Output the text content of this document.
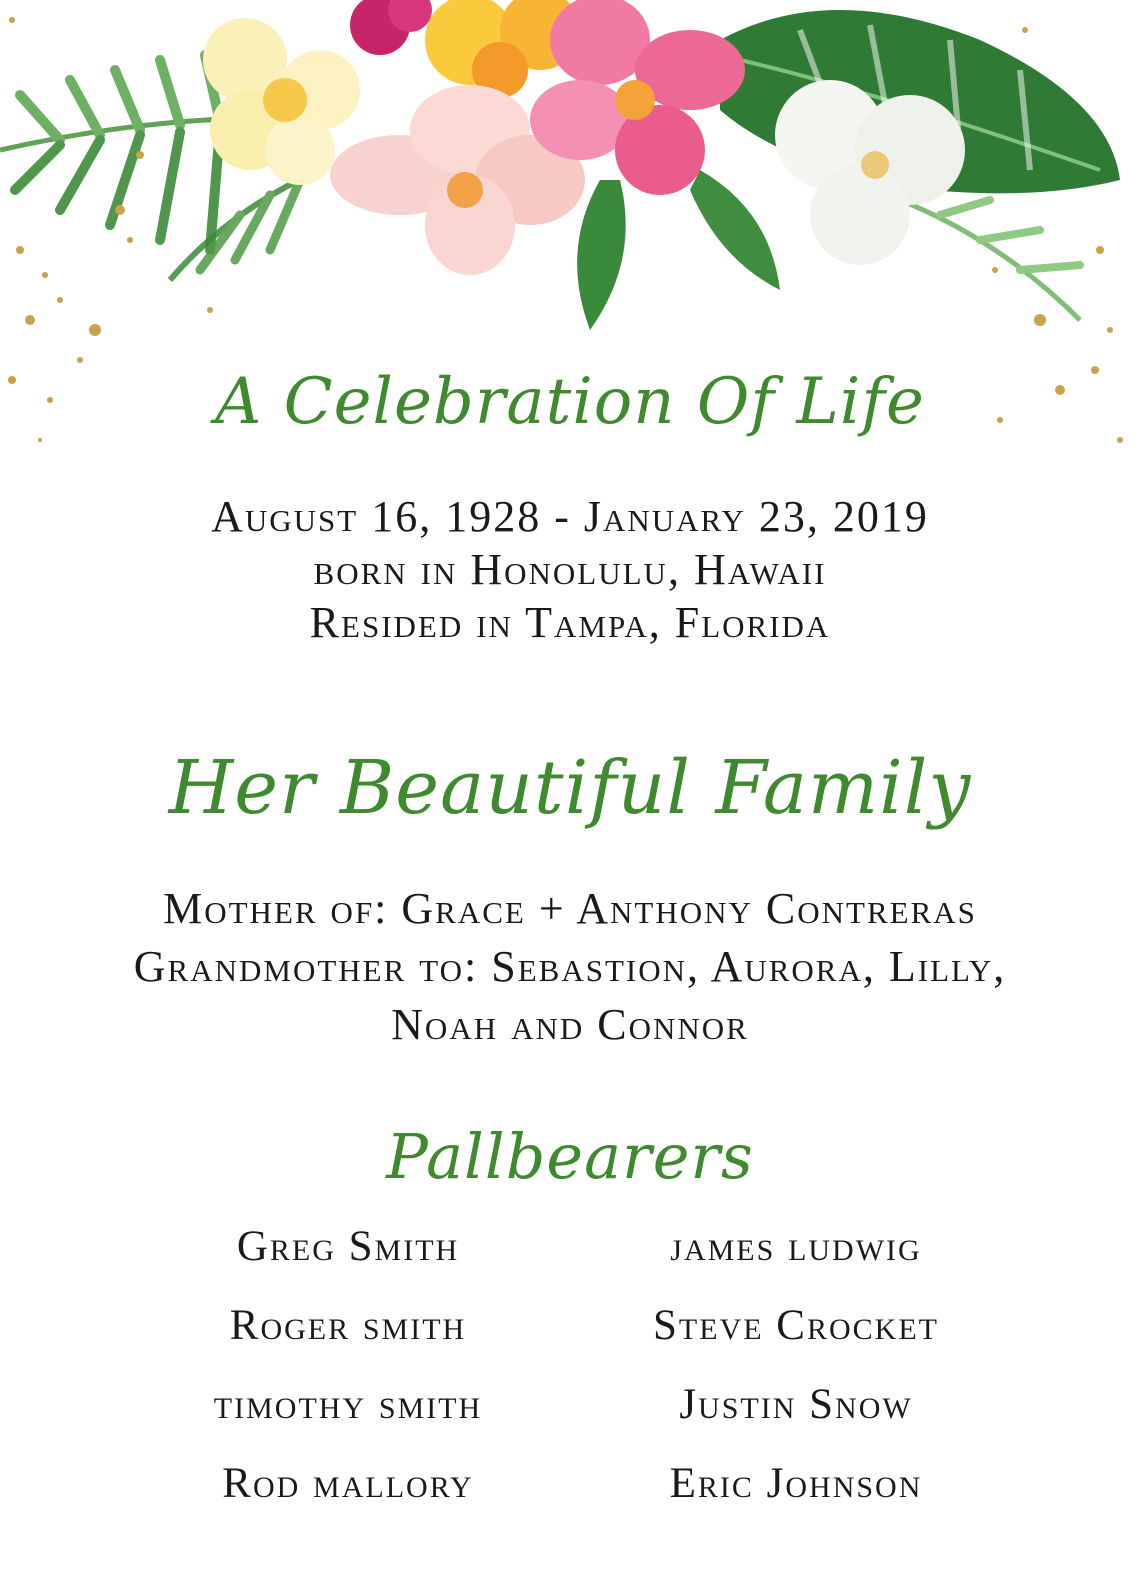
A Celebration Of Life
August 16, 1928 - January 23, 2019
born in Honolulu, Hawaii
Resided in Tampa, Florida
Her Beautiful Family
Mother of: Grace + Anthony Contreras
Grandmother to: Sebastion, Aurora, Lilly,
Noah and Connor
Pallbearers
Greg Smith
Roger smith
timothy smith
Rod mallory
james ludwig
Steve Crocket
Justin Snow
Eric Johnson
